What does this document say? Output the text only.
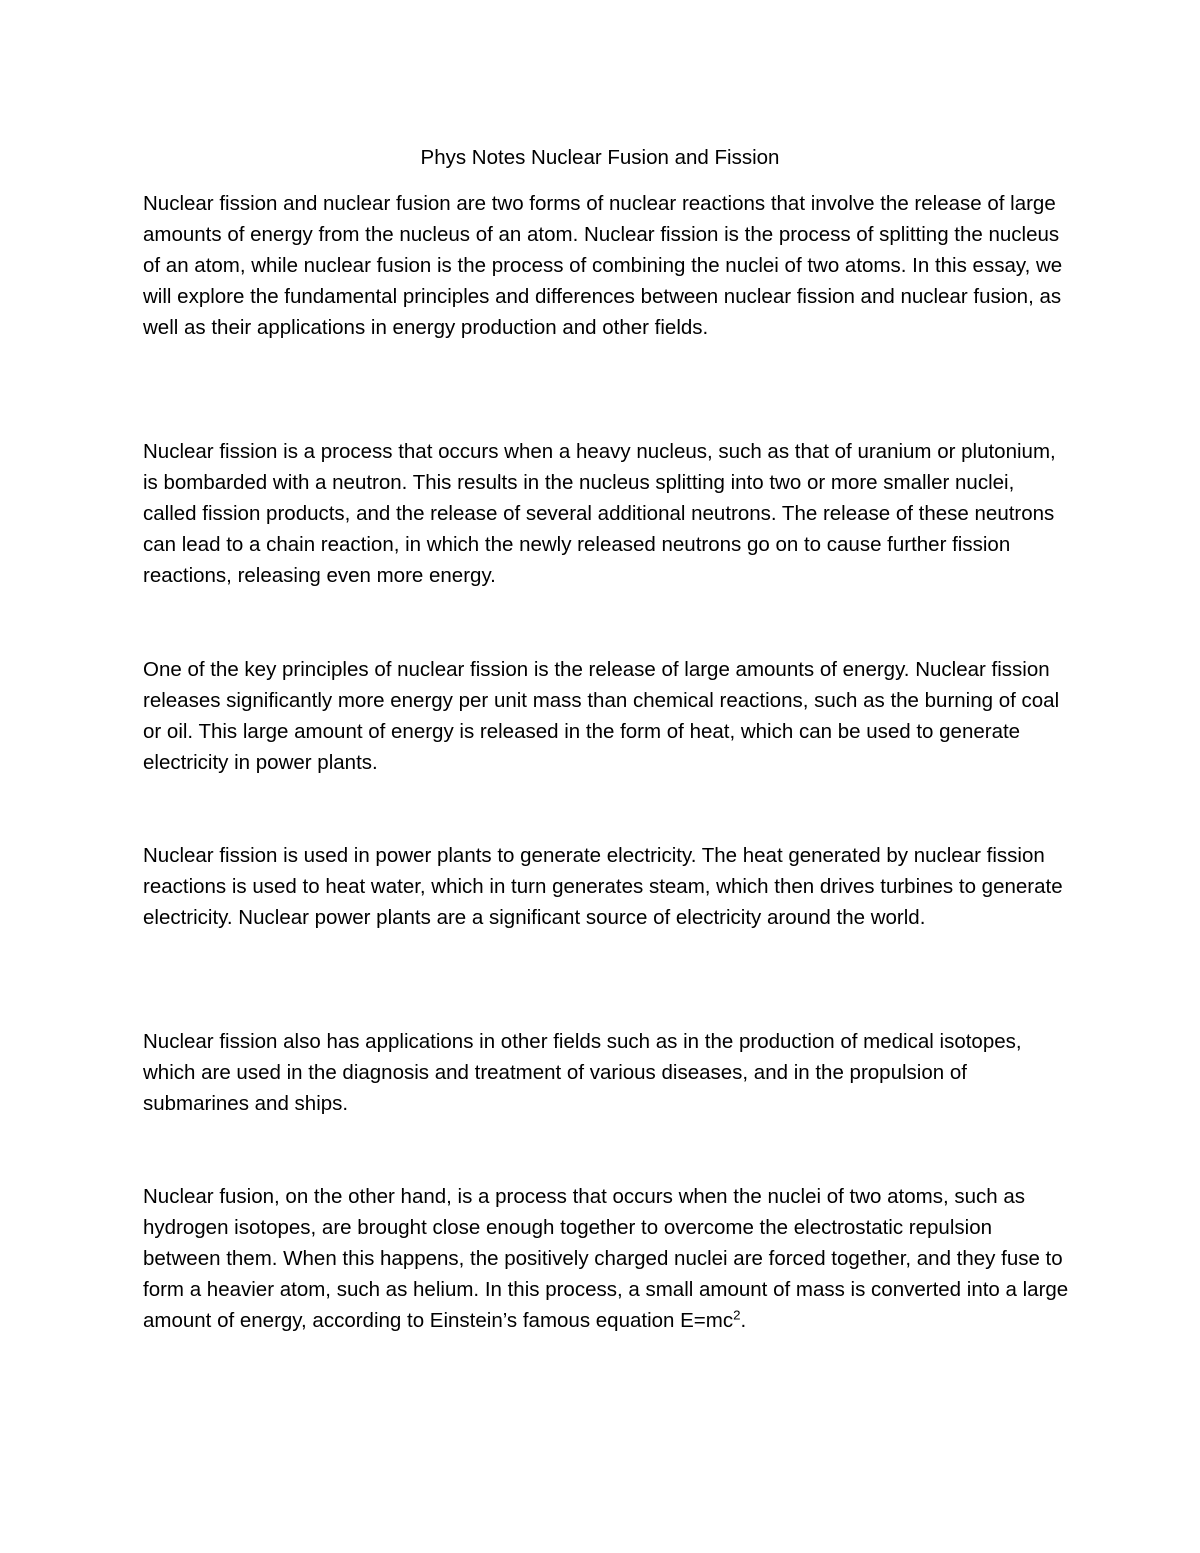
Phys Notes Nuclear Fusion and Fission

Nuclear fission and nuclear fusion are two forms of nuclear reactions that involve the release of large amounts of energy from the nucleus of an atom. Nuclear fission is the process of splitting the nucleus of an atom, while nuclear fusion is the process of combining the nuclei of two atoms. In this essay, we will explore the fundamental principles and differences between nuclear fission and nuclear fusion, as well as their applications in energy production and other fields.

Nuclear fission is a process that occurs when a heavy nucleus, such as that of uranium or plutonium, is bombarded with a neutron. This results in the nucleus splitting into two or more smaller nuclei, called fission products, and the release of several additional neutrons. The release of these neutrons can lead to a chain reaction, in which the newly released neutrons go on to cause further fission reactions, releasing even more energy.

One of the key principles of nuclear fission is the release of large amounts of energy. Nuclear fission releases significantly more energy per unit mass than chemical reactions, such as the burning of coal or oil. This large amount of energy is released in the form of heat, which can be used to generate electricity in power plants.

Nuclear fission is used in power plants to generate electricity. The heat generated by nuclear fission reactions is used to heat water, which in turn generates steam, which then drives turbines to generate electricity. Nuclear power plants are a significant source of electricity around the world.

Nuclear fission also has applications in other fields such as in the production of medical isotopes, which are used in the diagnosis and treatment of various diseases, and in the propulsion of submarines and ships.

Nuclear fusion, on the other hand, is a process that occurs when the nuclei of two atoms, such as hydrogen isotopes, are brought close enough together to overcome the electrostatic repulsion between them. When this happens, the positively charged nuclei are forced together, and they fuse to form a heavier atom, such as helium. In this process, a small amount of mass is converted into a large amount of energy, according to Einstein’s famous equation $E=mc^2$.
